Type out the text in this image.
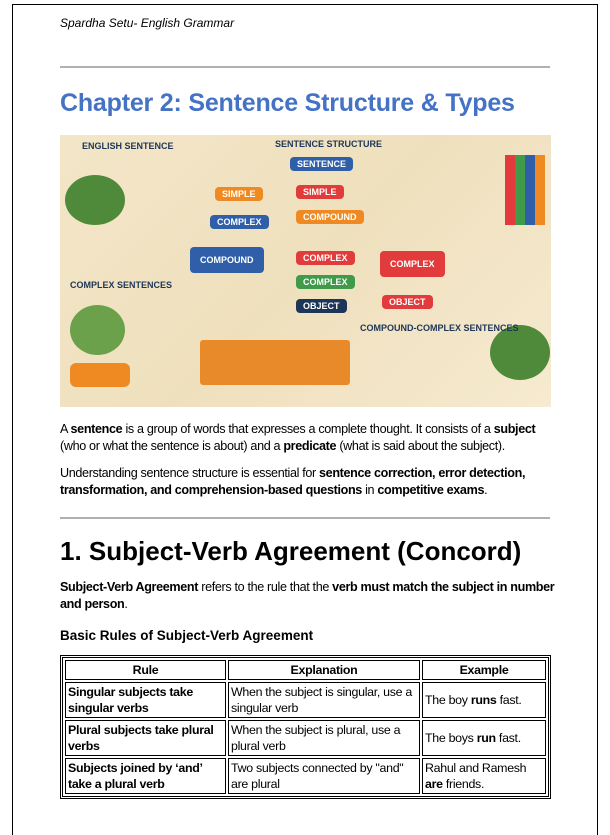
Spardha Setu- English Grammar
Chapter 2: Sentence Structure & Types
ENGLISH SENTENCE	SENTENCE STRUCTURE
SENTENCE
SIMPLE	SIMPLE
COMPOUND
COMPLEX
COMPLEX
COMPLEX
COMPLEX
OBJECT	OBJECT
COMPOUND
COMPOUND-COMPLEX SENTENCES
COMPLEX SENTENCES

A sentence is a group of words that expresses a complete thought. It consists of a subject (who or what the sentence is about) and a predicate (what is said about the subject).

Understanding sentence structure is essential for sentence correction, error detection, transformation, and comprehension-based questions in competitive exams.

1. Subject-Verb Agreement (Concord)

Subject-Verb Agreement refers to the rule that the verb must match the subject in number and person.

Basic Rules of Subject-Verb Agreement
Rule	Explanation	Example
Singular subjects take singular verbs	When the subject is singular, use a singular verb	The boy runs fast.
Plural subjects take plural verbs	When the subject is plural, use a plural verb	The boys run fast.
Subjects joined by ‘and’ take a plural verb	Two subjects connected by "and" are plural	Rahul and Ramesh are friends.
